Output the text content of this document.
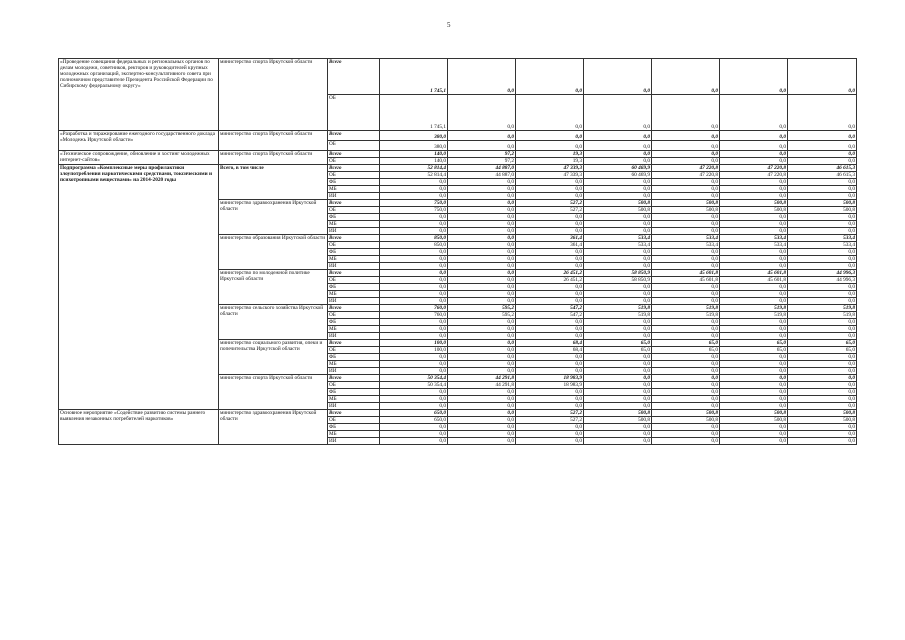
5
«Проведение совещания федеральных и региональных органов по делам молодежи, советников, ректоров и руководителей крупных молодежных организаций, экспертно-консультативного совета при полномочном представителе Президента Российской Федерации по Сибирскому федеральному округу»	министерство спорта Иркутской области	Всего	1 745,1	0,0	0,0	0,0	0,0	0,0	0,0
		ОБ	1 745,1	0,0	0,0	0,0	0,0	0,0	0,0
«Разработка и тиражирование ежегодного государственного доклада «Молодежь Иркутской области»	министерство спорта Иркутской области	Всего	380,0	0,0	0,0	0,0	0,0	0,0	0,0
		ОБ	380,0	0,0	0,0	0,0	0,0	0,0	0,0
«Техническое сопровождение, обновление и хостинг молодежных интернет-сайтов»	министерство спорта Иркутской области	Всего	140,0	97,2	19,3	0,0	0,0	0,0	0,0
		ОБ	140,0	97,2	19,3	0,0	0,0	0,0	0,0
Подпрограмма «Комплексные меры профилактики злоупотребления наркотическими средствами, токсическими и психотропными веществами» на 2014-2020 годы	Всего, в том числе	Всего	52 814,4	44 887,0	47 339,3	60 469,9	47 220,8	47 220,8	46 615,3
		ОБ	52 814,4	44 887,0	47 339,3	60 469,9	47 220,8	47 220,8	46 615,3
		ФБ	0,0	0,0	0,0	0,0	0,0	0,0	0,0
		МБ	0,0	0,0	0,0	0,0	0,0	0,0	0,0
		ИИ	0,0	0,0	0,0	0,0	0,0	0,0	0,0
	министерство здравоохранения Иркутской области	Всего	750,0	0,0	527,2	500,8	500,8	500,8	500,8
		ОБ	750,0	0,0	527,2	500,8	500,8	500,8	500,8
		ФБ	0,0	0,0	0,0	0,0	0,0	0,0	0,0
		МБ	0,0	0,0	0,0	0,0	0,0	0,0	0,0
		ИИ	0,0	0,0	0,0	0,0	0,0	0,0	0,0
	министерство образования Иркутской области	Всего	850,0	0,0	361,4	533,4	533,4	533,4	533,4
		ОБ	850,0	0,0	361,4	533,4	533,4	533,4	533,4
		ФБ	0,0	0,0	0,0	0,0	0,0	0,0	0,0
		МБ	0,0	0,0	0,0	0,0	0,0	0,0	0,0
		ИИ	0,0	0,0	0,0	0,0	0,0	0,0	0,0
	министерство по молодежной политике Иркутской области	Всего	0,0	0,0	26 451,2	58 850,9	45 601,8	45 601,8	44 996,3
		ОБ	0,0	0,0	26 451,2	58 850,9	45 601,8	45 601,8	44 996,3
		ФБ	0,0	0,0	0,0	0,0	0,0	0,0	0,0
		МБ	0,0	0,0	0,0	0,0	0,0	0,0	0,0
		ИИ	0,0	0,0	0,0	0,0	0,0	0,0	0,0
	министерство сельского хозяйства Иркутской области	Всего	760,0	595,2	547,2	519,8	519,8	519,8	519,8
		ОБ	760,0	595,2	547,2	519,8	519,8	519,8	519,8
		ФБ	0,0	0,0	0,0	0,0	0,0	0,0	0,0
		МБ	0,0	0,0	0,0	0,0	0,0	0,0	0,0
		ИИ	0,0	0,0	0,0	0,0	0,0	0,0	0,0
	министерство социального развития, опеки и попечительства Иркутской области	Всего	100,0	0,0	68,4	65,0	65,0	65,0	65,0
		ОБ	100,0	0,0	68,4	65,0	65,0	65,0	65,0
		ФБ	0,0	0,0	0,0	0,0	0,0	0,0	0,0
		МБ	0,0	0,0	0,0	0,0	0,0	0,0	0,0
		ИИ	0,0	0,0	0,0	0,0	0,0	0,0	0,0
	министерство спорта Иркутской области	Всего	50 354,4	44 291,8	18 983,9	0,0	0,0	0,0	0,0
		ОБ	50 354,4	44 291,8	18 983,9	0,0	0,0	0,0	0,0
		ФБ	0,0	0,0	0,0	0,0	0,0	0,0	0,0
		МБ	0,0	0,0	0,0	0,0	0,0	0,0	0,0
		ИИ	0,0	0,0	0,0	0,0	0,0	0,0	0,0
Основное мероприятие «Содействие развитию системы раннего выявления незаконных потребителей наркотиков»	министерство здравоохранения Иркутской области	Всего	650,0	0,0	527,2	500,8	500,8	500,8	500,8
		ОБ	650,0	0,0	527,2	500,8	500,8	500,8	500,8
		ФБ	0,0	0,0	0,0	0,0	0,0	0,0	0,0
		МБ	0,0	0,0	0,0	0,0	0,0	0,0	0,0
		ИИ	0,0	0,0	0,0	0,0	0,0	0,0	0,0
